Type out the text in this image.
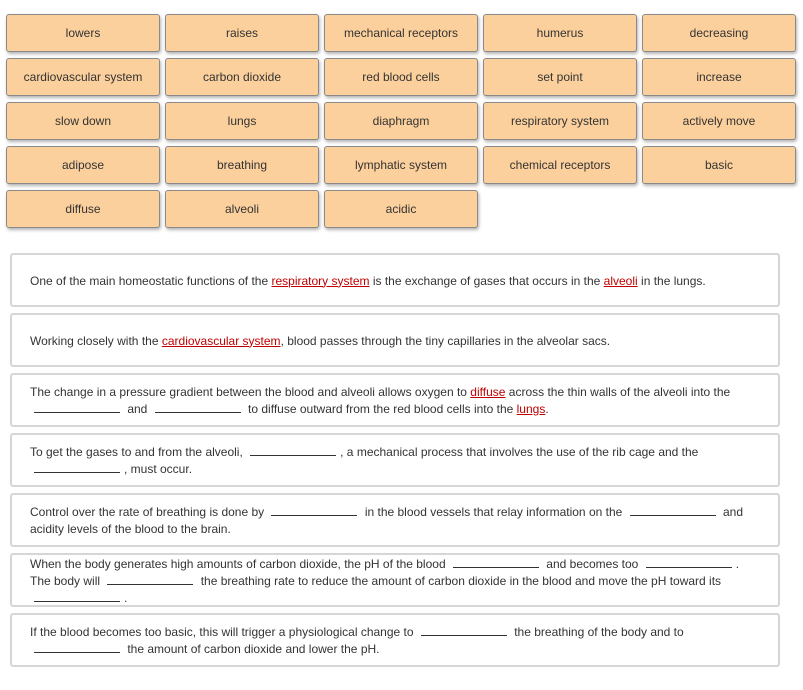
lowers	raises	mechanical receptors	humerus	decreasing
cardiovascular system	carbon dioxide	red blood cells	set point	increase
slow down	lungs	diaphragm	respiratory system	actively move
adipose	breathing	lymphatic system	chemical receptors	basic
diffuse	alveoli	acidic

One of the main homeostatic functions of the respiratory system is the exchange of gases that occurs in the alveoli in the lungs.

Working closely with the cardiovascular system, blood passes through the tiny capillaries in the alveolar sacs.

The change in a pressure gradient between the blood and alveoli allows oxygen to diffuse across the thin walls of the alveoli into the  and	to diffuse outward from the red blood cells into the lungs.

To get the gases to and from the alveoli,	, a mechanical process that involves the use of the rib cage and the , must occur.

Control over the rate of breathing is done by	in the blood vessels that relay information on the	and acidity levels of the blood to the brain.

When the body generates high amounts of carbon dioxide, the pH of the blood	and becomes too	. The body will	the breathing rate to reduce the amount of carbon dioxide in the blood and move the pH toward its .

If the blood becomes too basic, this will trigger a physiological change to	the breathing of the body and to  the amount of carbon dioxide and lower the pH.
